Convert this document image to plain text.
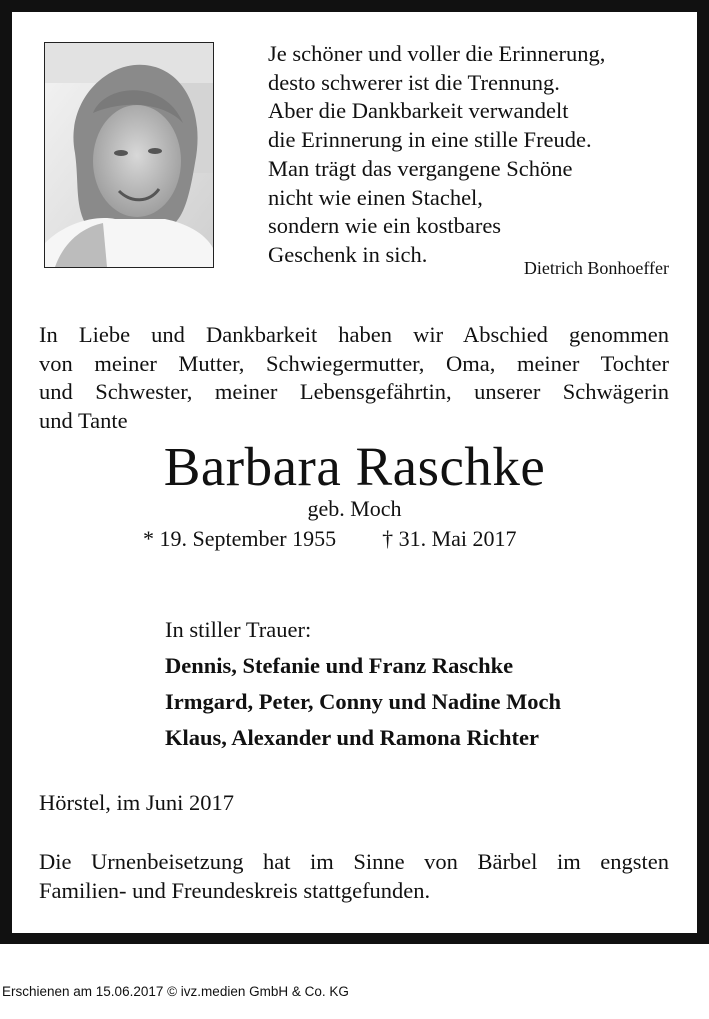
Je schöner und voller die Erinnerung,
desto schwerer ist die Trennung.
Aber die Dankbarkeit verwandelt
die Erinnerung in eine stille Freude.
Man trägt das vergangene Schöne
nicht wie einen Stachel,
sondern wie ein kostbares
Geschenk in sich.
Dietrich Bonhoeffer
In Liebe und Dankbarkeit haben wir Abschied genommen
von meiner Mutter, Schwiegermutter, Oma, meiner Tochter
und Schwester, meiner Lebensgefährtin, unserer Schwägerin
und Tante
Barbara Raschke
geb. Moch
* 19. September 1955 † 31. Mai 2017
In stiller Trauer:
Dennis, Stefanie und Franz Raschke
Irmgard, Peter, Conny und Nadine Moch
Klaus, Alexander und Ramona Richter
Hörstel, im Juni 2017
Die Urnenbeisetzung hat im Sinne von Bärbel im engsten
Familien- und Freundeskreis stattgefunden.
Erschienen am 15.06.2017 © ivz.medien GmbH & Co. KG
